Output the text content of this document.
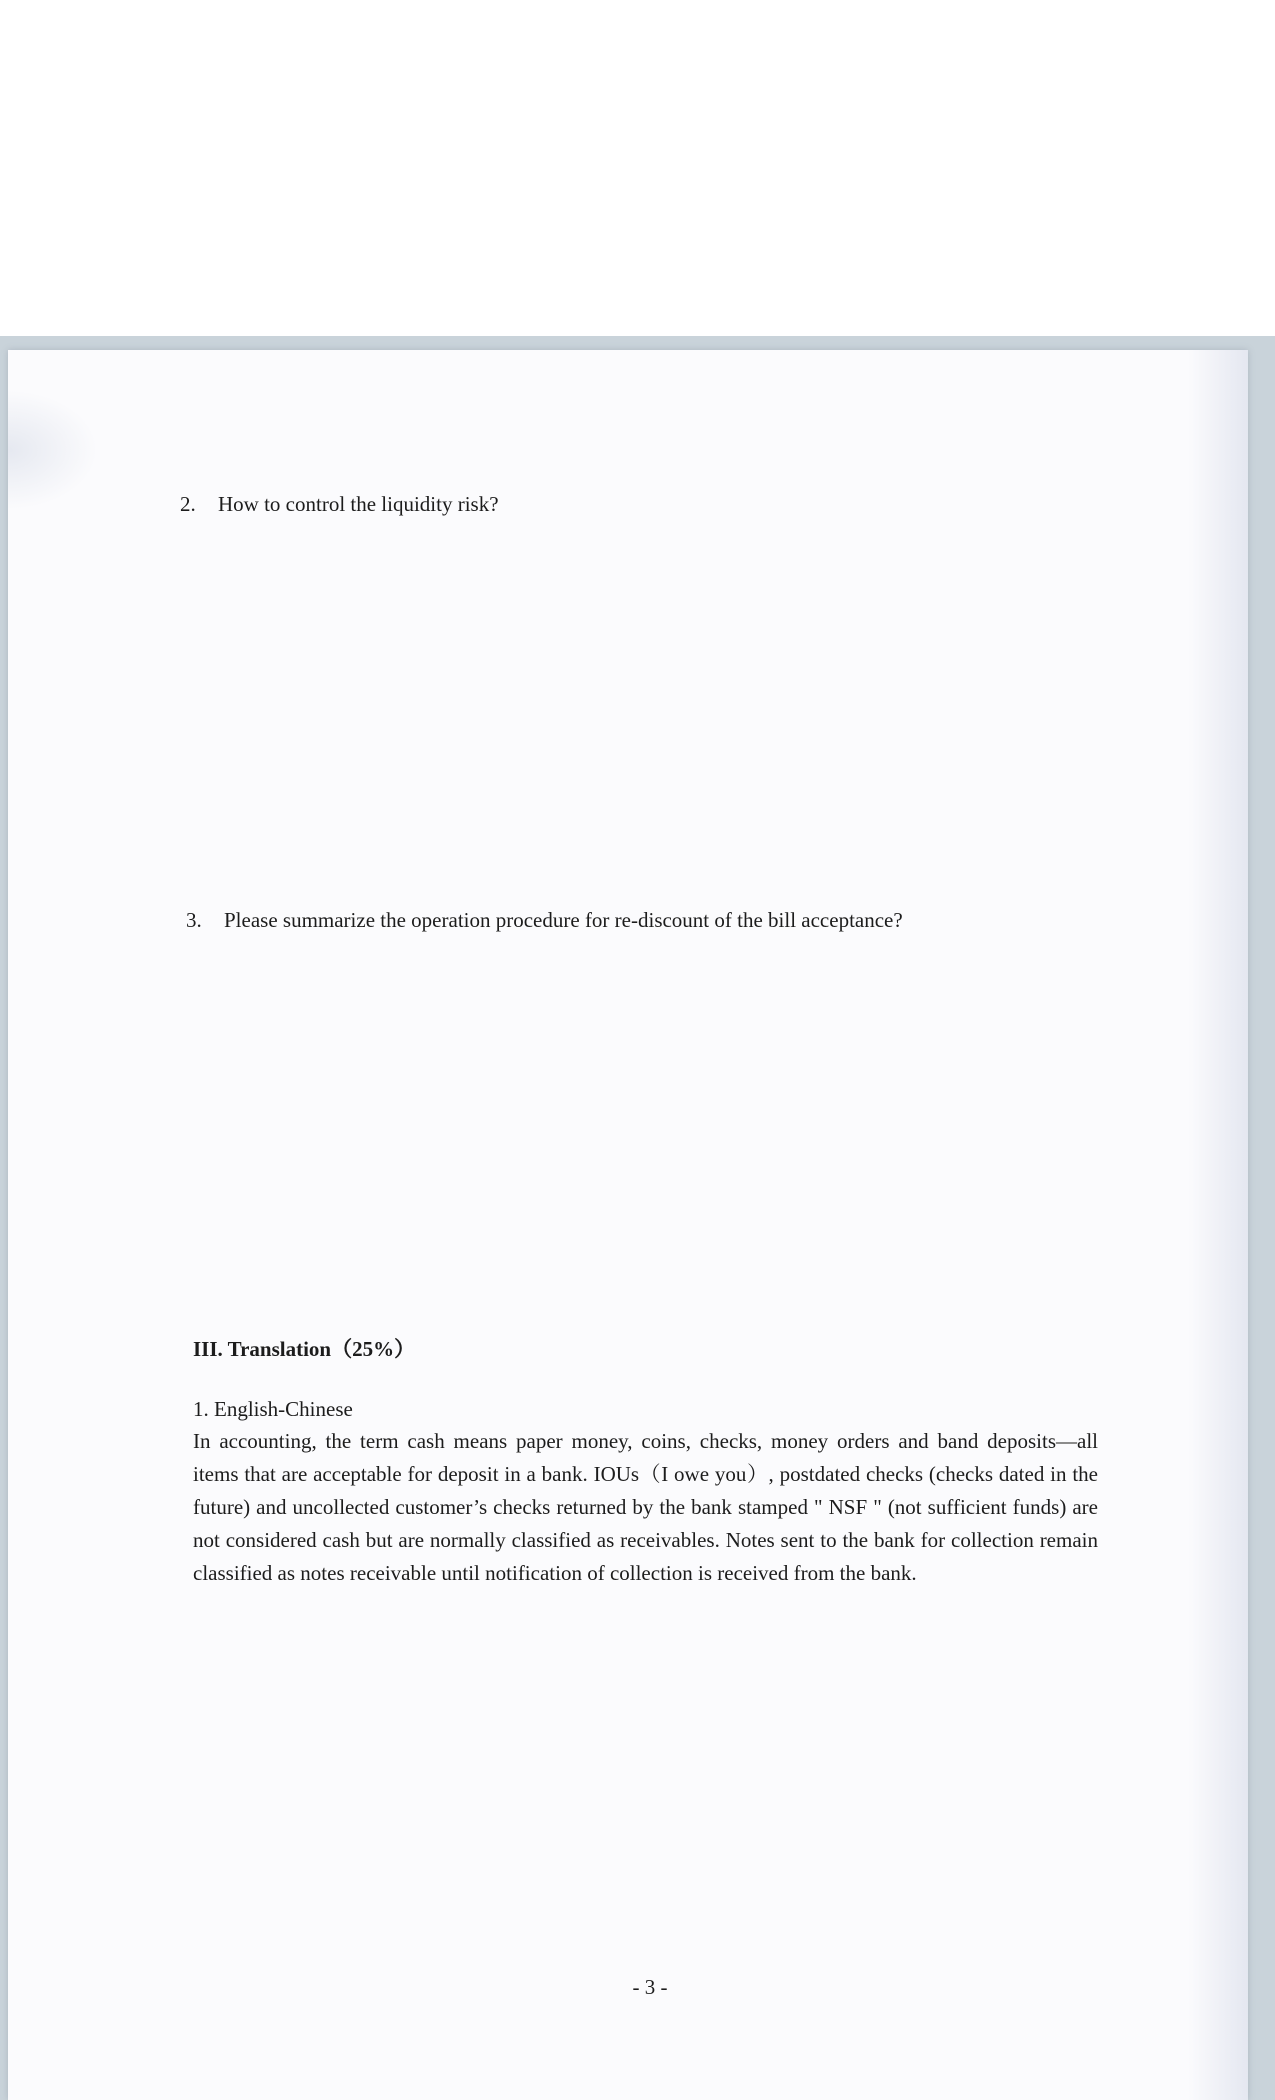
2. How to control the liquidity risk?
3. Please summarize the operation procedure for re-discount of the bill acceptance?
III. Translation（25%）
1. English-Chinese

In accounting, the term cash means paper money, coins, checks, money orders and band deposits—all items that are acceptable for deposit in a bank. IOUs（I owe you）, postdated checks (checks dated in the future) and uncollected customer’s checks returned by the bank stamped " NSF " (not sufficient funds) are not considered cash but are normally classified as receivables. Notes sent to the bank for collection remain classified as notes receivable until notification of collection is received from the bank.

- 3 -
